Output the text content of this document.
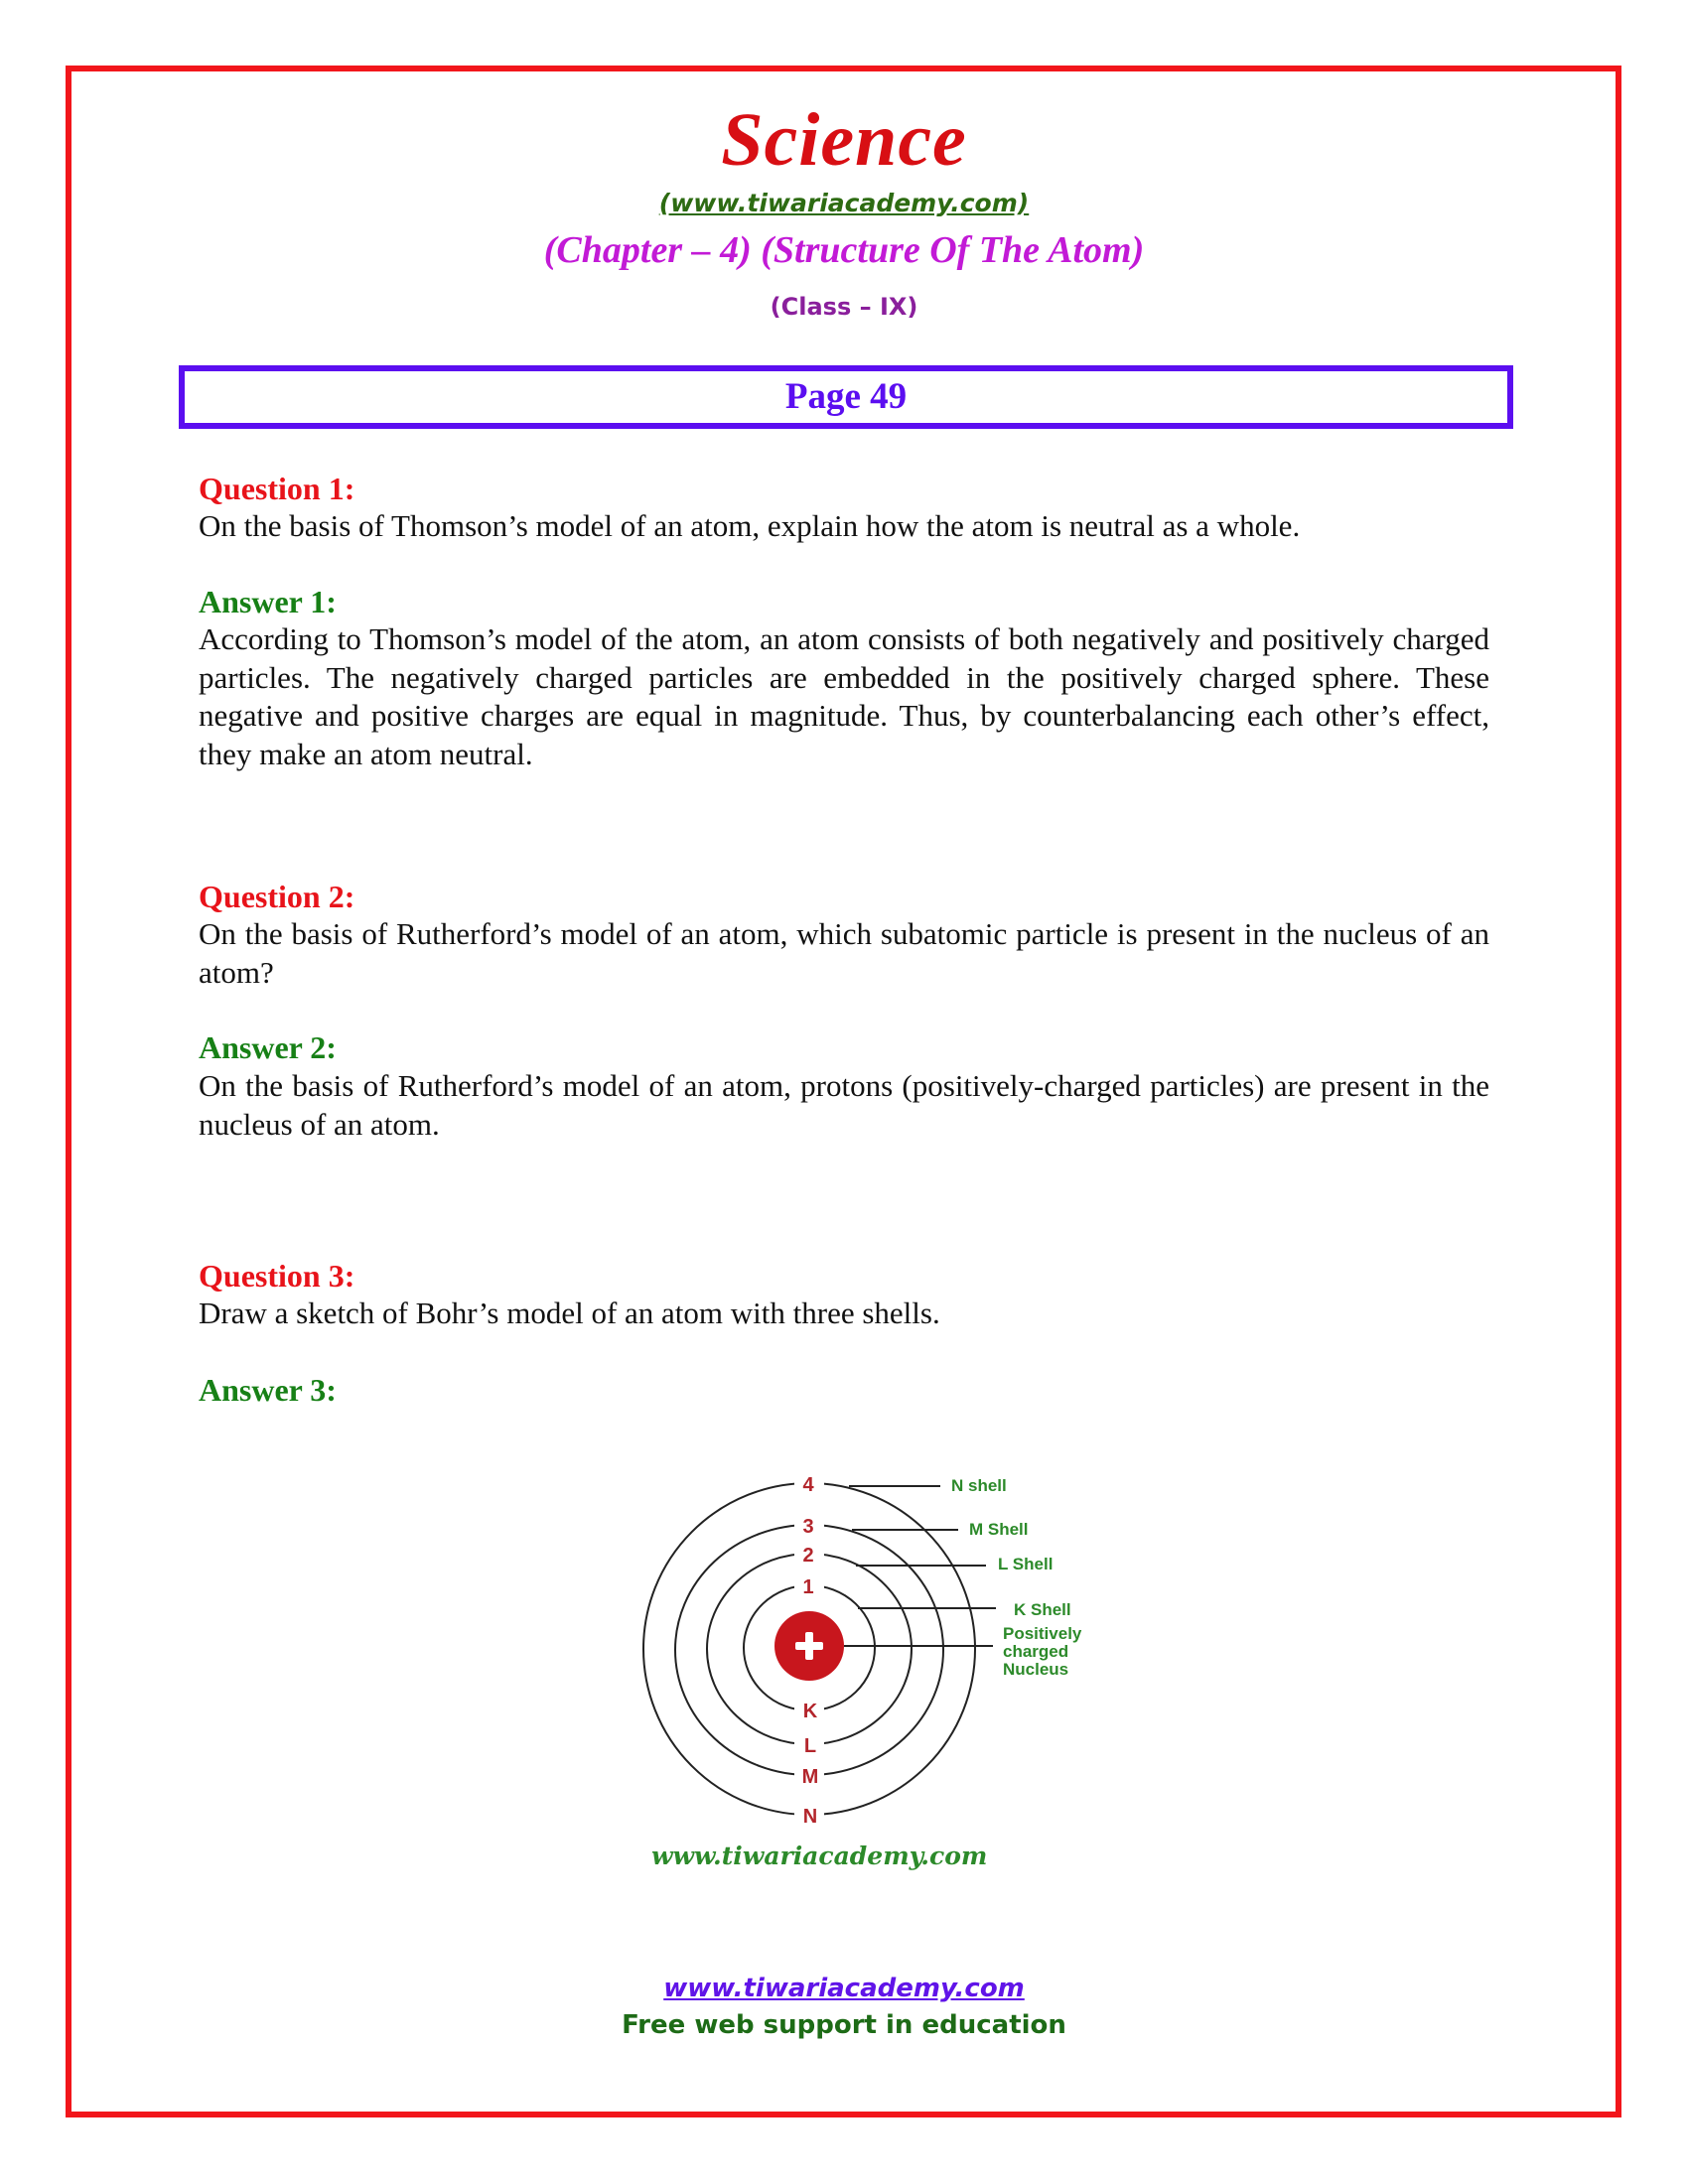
Science
(www.tiwariacademy.com)
(Chapter – 4) (Structure Of The Atom)
(Class – IX)
Page 49
Question 1:
On the basis of Thomson’s model of an atom, explain how the atom is neutral as a whole.
Answer 1:
According to Thomson’s model of the atom, an atom consists of both negatively and positively charged particles. The negatively charged particles are embedded in the positively charged sphere. These negative and positive charges are equal in magnitude. Thus, by counterbalancing each other’s effect, they make an atom neutral.
Question 2:
On the basis of Rutherford’s model of an atom, which subatomic particle is present in the nucleus of an atom?
Answer 2:
On the basis of Rutherford’s model of an atom, protons (positively-charged particles) are present in the nucleus of an atom.
Question 3:
Draw a sketch of Bohr’s model of an atom with three shells.
Answer 3:
4
3
2
1
K
L
M
N
N shell
M Shell
L Shell
K Shell
Positively
charged
Nucleus
www.tiwariacademy.com
www.tiwariacademy.com
Free web support in education
